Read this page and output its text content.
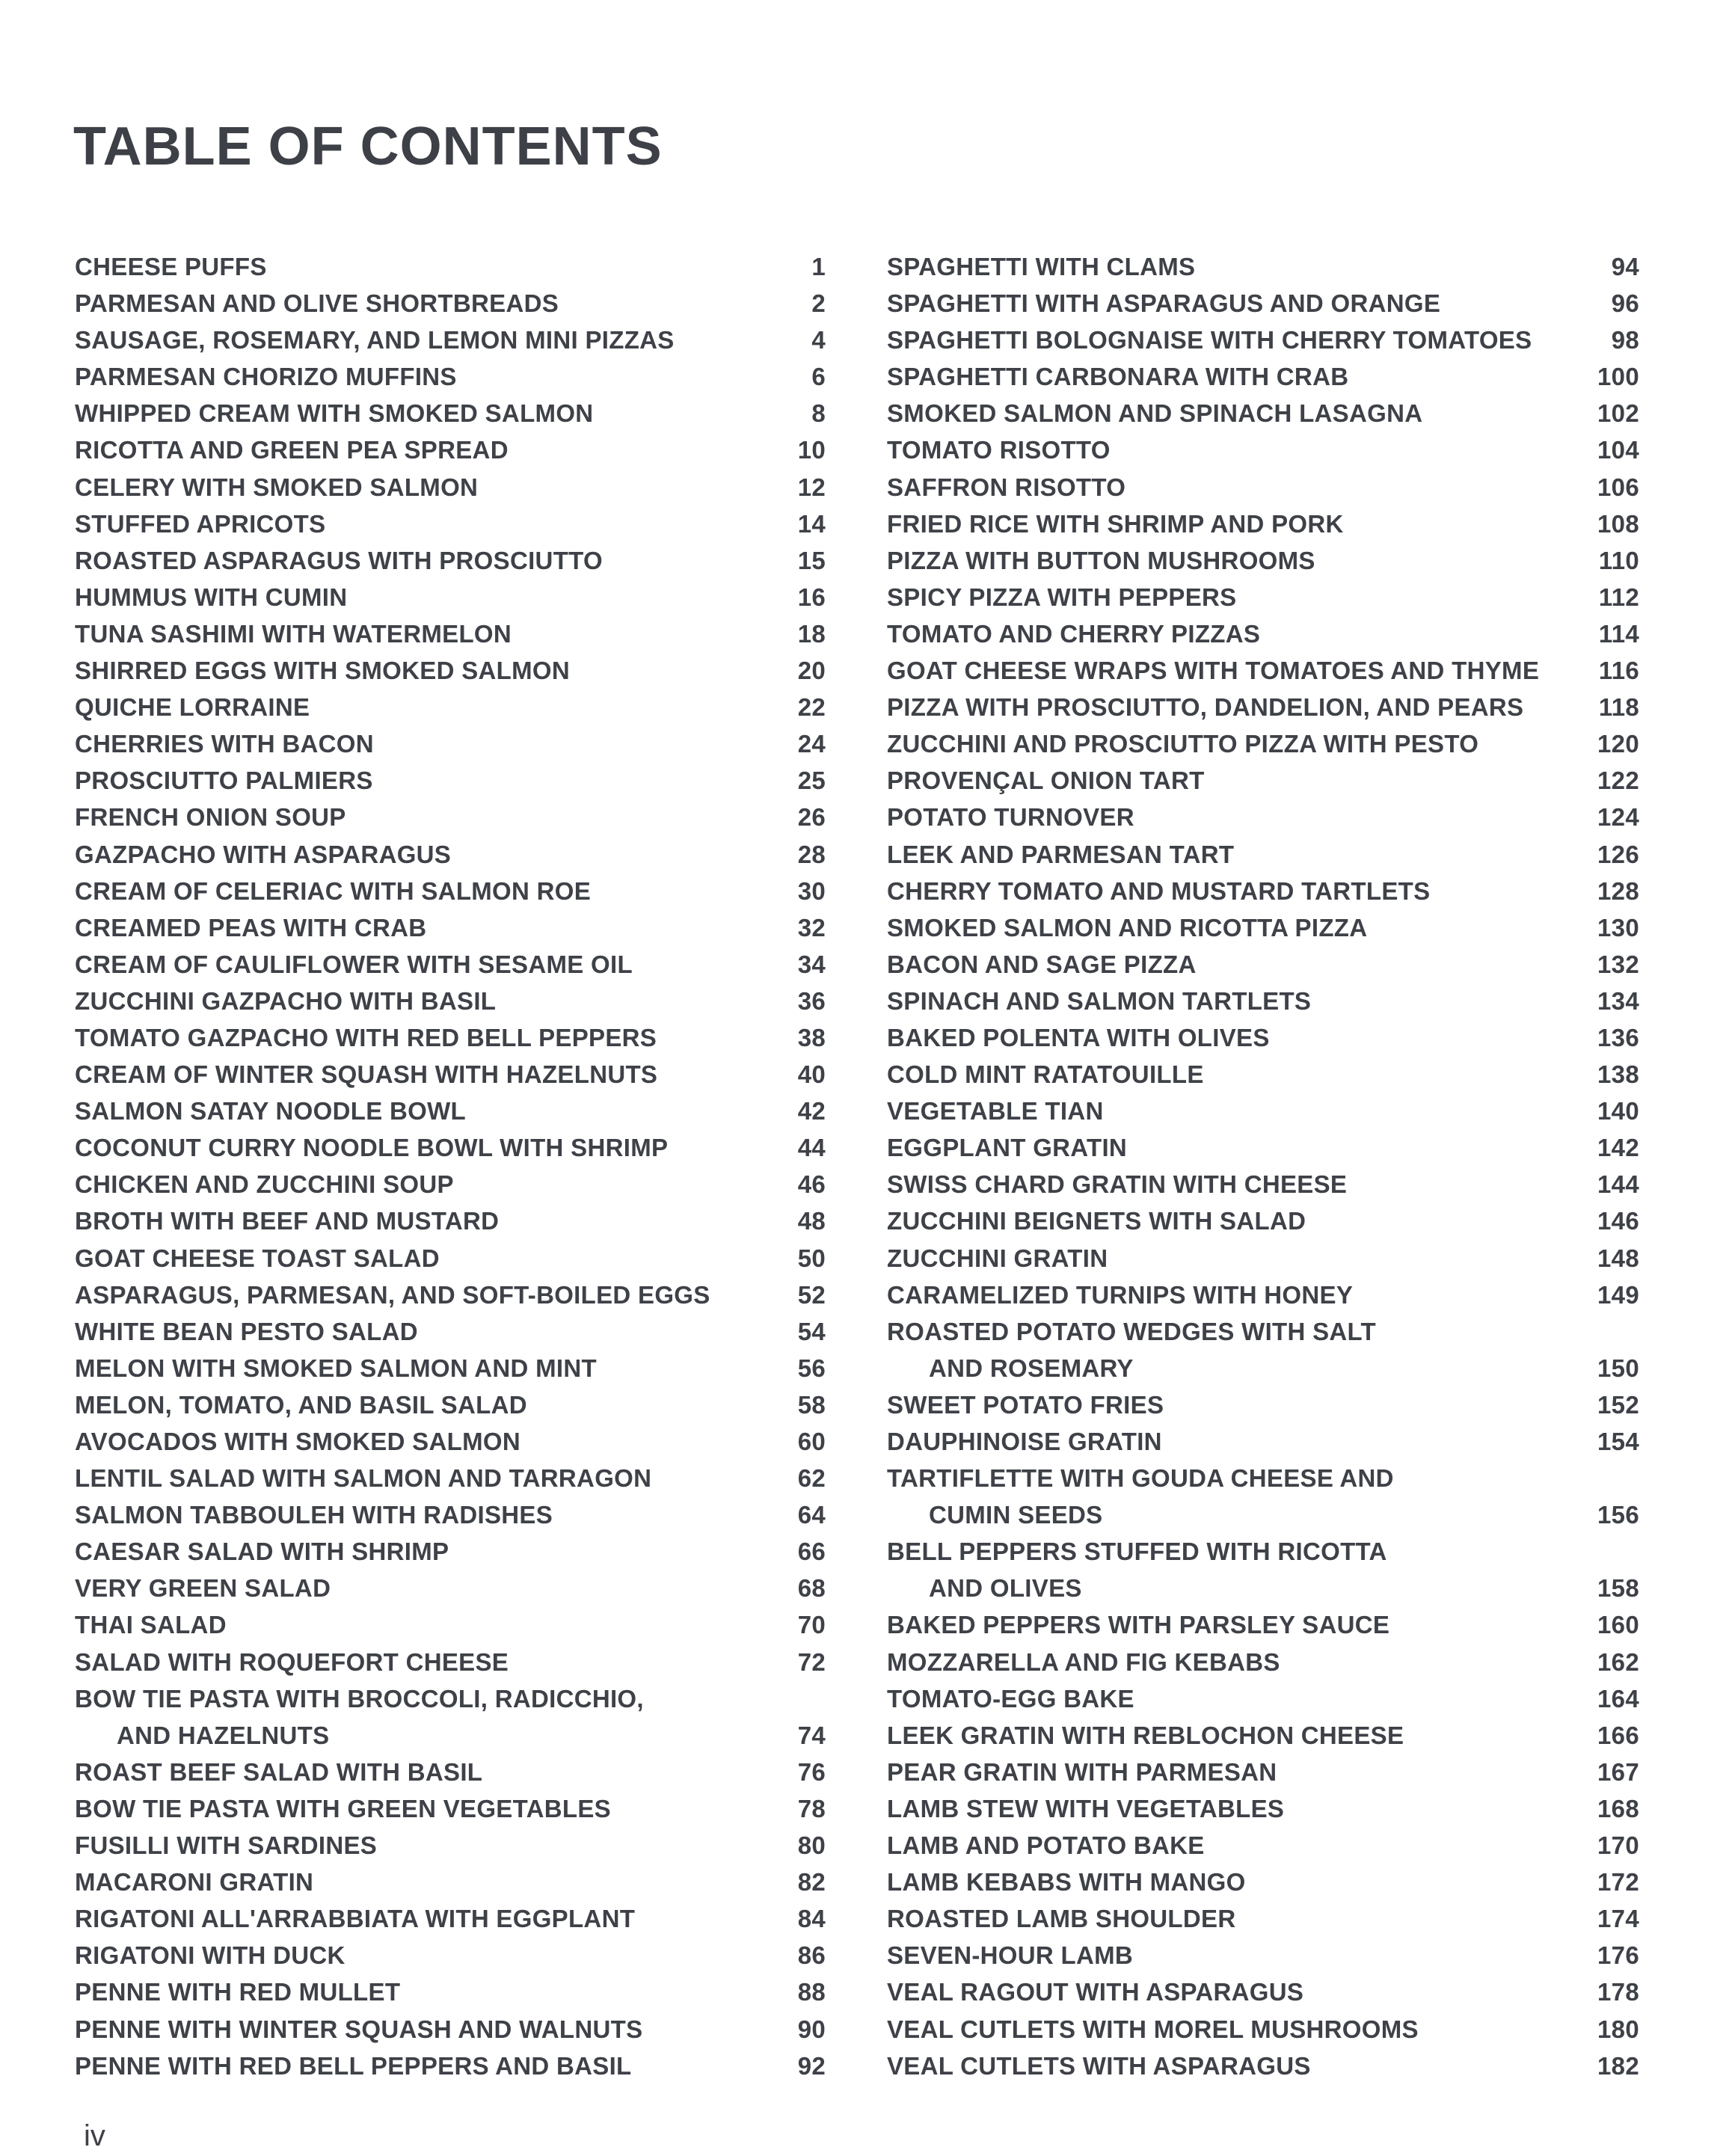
TABLE OF CONTENTS
CHEESE PUFFS	1
PARMESAN AND OLIVE SHORTBREADS	2
SAUSAGE, ROSEMARY, AND LEMON MINI PIZZAS	4
PARMESAN CHORIZO MUFFINS	6
WHIPPED CREAM WITH SMOKED SALMON	8
RICOTTA AND GREEN PEA SPREAD	10
CELERY WITH SMOKED SALMON	12
STUFFED APRICOTS	14
ROASTED ASPARAGUS WITH PROSCIUTTO	15
HUMMUS WITH CUMIN	16
TUNA SASHIMI WITH WATERMELON	18
SHIRRED EGGS WITH SMOKED SALMON	20
QUICHE LORRAINE	22
CHERRIES WITH BACON	24
PROSCIUTTO PALMIERS	25
FRENCH ONION SOUP	26
GAZPACHO WITH ASPARAGUS	28
CREAM OF CELERIAC WITH SALMON ROE	30
CREAMED PEAS WITH CRAB	32
CREAM OF CAULIFLOWER WITH SESAME OIL	34
ZUCCHINI GAZPACHO WITH BASIL	36
TOMATO GAZPACHO WITH RED BELL PEPPERS	38
CREAM OF WINTER SQUASH WITH HAZELNUTS	40
SALMON SATAY NOODLE BOWL	42
COCONUT CURRY NOODLE BOWL WITH SHRIMP	44
CHICKEN AND ZUCCHINI SOUP	46
BROTH WITH BEEF AND MUSTARD	48
GOAT CHEESE TOAST SALAD	50
ASPARAGUS, PARMESAN, AND SOFT-BOILED EGGS	52
WHITE BEAN PESTO SALAD	54
MELON WITH SMOKED SALMON AND MINT	56
MELON, TOMATO, AND BASIL SALAD	58
AVOCADOS WITH SMOKED SALMON	60
LENTIL SALAD WITH SALMON AND TARRAGON	62
SALMON TABBOULEH WITH RADISHES	64
CAESAR SALAD WITH SHRIMP	66
VERY GREEN SALAD	68
THAI SALAD	70
SALAD WITH ROQUEFORT CHEESE	72
BOW TIE PASTA WITH BROCCOLI, RADICCHIO,
AND HAZELNUTS	74
ROAST BEEF SALAD WITH BASIL	76
BOW TIE PASTA WITH GREEN VEGETABLES	78
FUSILLI WITH SARDINES	80
MACARONI GRATIN	82
RIGATONI ALL'ARRABBIATA WITH EGGPLANT	84
RIGATONI WITH DUCK	86
PENNE WITH RED MULLET	88
PENNE WITH WINTER SQUASH AND WALNUTS	90
PENNE WITH RED BELL PEPPERS AND BASIL	92
SPAGHETTI WITH CLAMS	94
SPAGHETTI WITH ASPARAGUS AND ORANGE	96
SPAGHETTI BOLOGNAISE WITH CHERRY TOMATOES	98
SPAGHETTI CARBONARA WITH CRAB	100
SMOKED SALMON AND SPINACH LASAGNA	102
TOMATO RISOTTO	104
SAFFRON RISOTTO	106
FRIED RICE WITH SHRIMP AND PORK	108
PIZZA WITH BUTTON MUSHROOMS	110
SPICY PIZZA WITH PEPPERS	112
TOMATO AND CHERRY PIZZAS	114
GOAT CHEESE WRAPS WITH TOMATOES AND THYME 116
PIZZA WITH PROSCIUTTO, DANDELION, AND PEARS	118
ZUCCHINI AND PROSCIUTTO PIZZA WITH PESTO	120
PROVENÇAL ONION TART	122
POTATO TURNOVER	124
LEEK AND PARMESAN TART	126
CHERRY TOMATO AND MUSTARD TARTLETS	128
SMOKED SALMON AND RICOTTA PIZZA	130
BACON AND SAGE PIZZA	132
SPINACH AND SALMON TARTLETS	134
BAKED POLENTA WITH OLIVES	136
COLD MINT RATATOUILLE	138
VEGETABLE TIAN	140
EGGPLANT GRATIN	142
SWISS CHARD GRATIN WITH CHEESE	144
ZUCCHINI BEIGNETS WITH SALAD	146
ZUCCHINI GRATIN	148
CARAMELIZED TURNIPS WITH HONEY	149
ROASTED POTATO WEDGES WITH SALT
AND ROSEMARY	150
SWEET POTATO FRIES	152
DAUPHINOISE GRATIN	154
TARTIFLETTE WITH GOUDA CHEESE AND
CUMIN SEEDS	156
BELL PEPPERS STUFFED WITH RICOTTA
AND OLIVES	158
BAKED PEPPERS WITH PARSLEY SAUCE	160
MOZZARELLA AND FIG KEBABS	162
TOMATO-EGG BAKE	164
LEEK GRATIN WITH REBLOCHON CHEESE	166
PEAR GRATIN WITH PARMESAN	167
LAMB STEW WITH VEGETABLES	168
LAMB AND POTATO BAKE	170
LAMB KEBABS WITH MANGO	172
ROASTED LAMB SHOULDER	174
SEVEN-HOUR LAMB	176
VEAL RAGOUT WITH ASPARAGUS	178
VEAL CUTLETS WITH MOREL MUSHROOMS	180
VEAL CUTLETS WITH ASPARAGUS	182
iv
